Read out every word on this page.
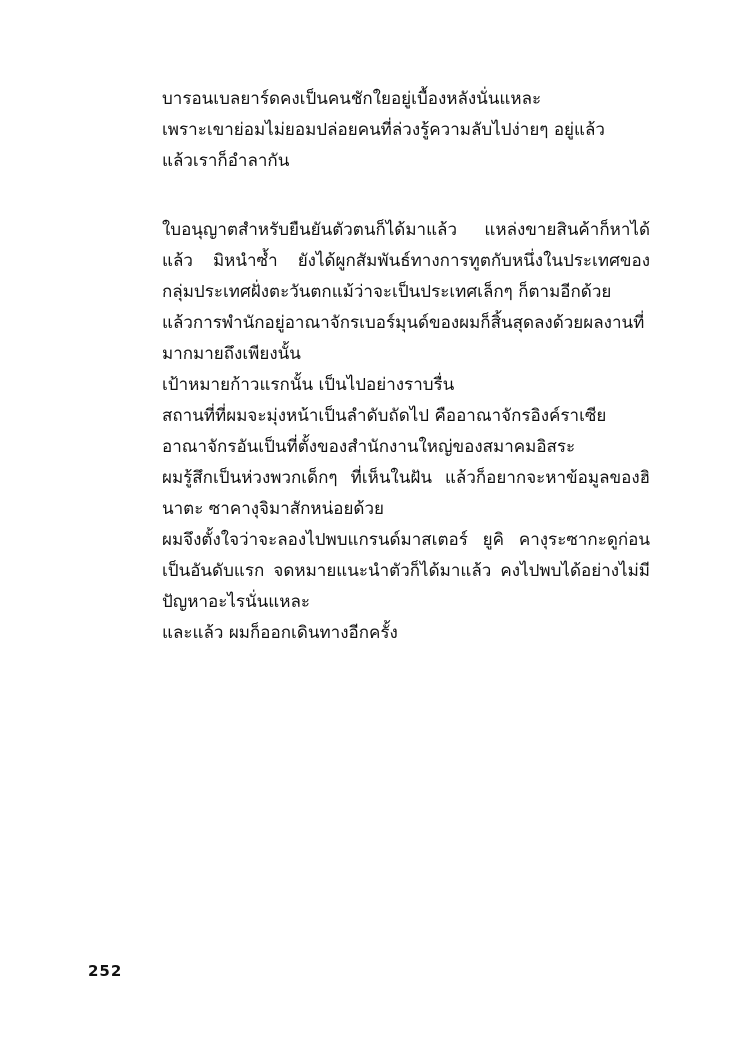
บารอนเบลยาร์ดคงเป็นคนชักใยอยู่เบื้องหลังนั่นแหละ

เพราะเขาย่อมไม่ยอมปล่อยคนที่ล่วงรู้ความลับไปง่ายๆ อยู่แล้ว

แล้วเราก็อำลากัน

ใบอนุญาตสำหรับยืนยันตัวตนก็ได้มาแล้ว แหล่งขายสินค้าก็หาได้แล้ว มิหนำซ้ำ ยังได้ผูกสัมพันธ์ทางการทูตกับหนึ่งในประเทศของกลุ่มประเทศฝั่งตะวันตกแม้ว่าจะเป็นประเทศเล็กๆ ก็ตามอีกด้วย

แล้วการพำนักอยู่อาณาจักรเบอร์มุนด์ของผมก็สิ้นสุดลงด้วยผลงานที่มากมายถึงเพียงนั้น

เป้าหมายก้าวแรกนั้น เป็นไปอย่างราบรื่น

สถานที่ที่ผมจะมุ่งหน้าเป็นลำดับถัดไป คืออาณาจักรอิงค์ราเซีย

อาณาจักรอันเป็นที่ตั้งของสำนักงานใหญ่ของสมาคมอิสระ

ผมรู้สึกเป็นห่วงพวกเด็กๆ ที่เห็นในฝัน แล้วก็อยากจะหาข้อมูลของฮินาตะ ซาคางุจิมาสักหน่อยด้วย

ผมจึงตั้งใจว่าจะลองไปพบแกรนด์มาสเตอร์ ยูคิ คางุระซากะดูก่อนเป็นอันดับแรก จดหมายแนะนำตัวก็ได้มาแล้ว คงไปพบได้อย่างไม่มีปัญหาอะไรนั่นแหละ

และแล้ว ผมก็ออกเดินทางอีกครั้ง

252
